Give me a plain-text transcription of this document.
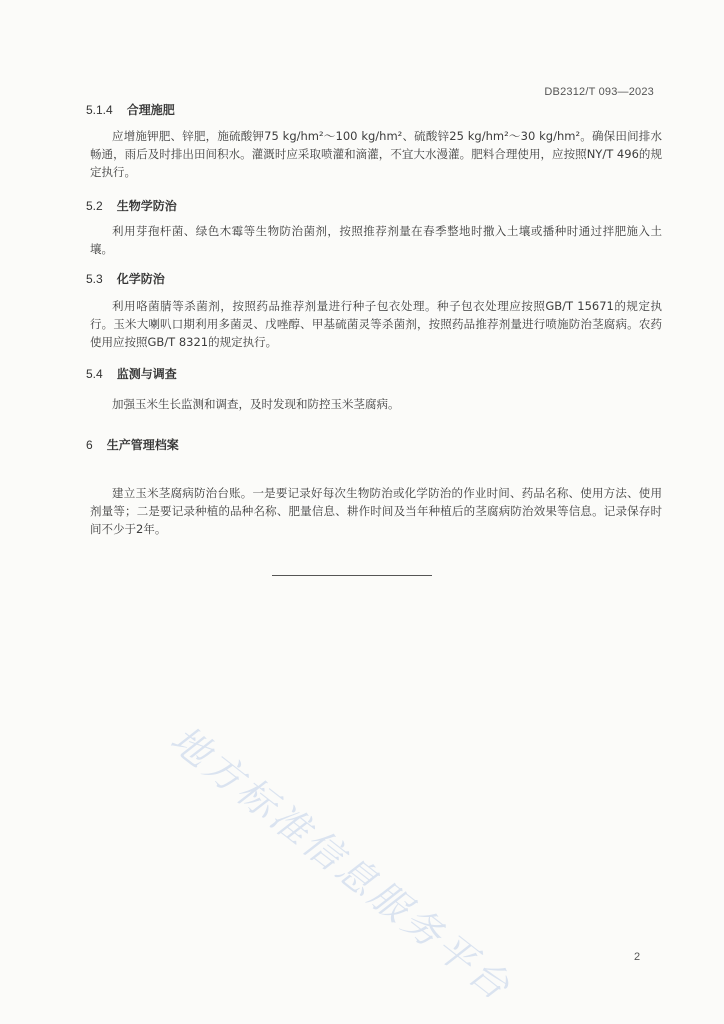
DB2312/T 093—2023
5.1.4 合理施肥
应增施钾肥、锌肥，施硫酸钾75 kg/hm²～100 kg/hm²、硫酸锌25 kg/hm²～30 kg/hm²。确保田间排水畅通，雨后及时排出田间积水。灌溉时应采取喷灌和滴灌，不宜大水漫灌。肥料合理使用，应按照NY/T 496的规定执行。
5.2 生物学防治
利用芽孢杆菌、绿色木霉等生物防治菌剂，按照推荐剂量在春季整地时撒入土壤或播种时通过拌肥施入土壤。
5.3 化学防治
利用咯菌腈等杀菌剂，按照药品推荐剂量进行种子包衣处理。种子包衣处理应按照GB/T 15671的规定执行。玉米大喇叭口期利用多菌灵、戊唑醇、甲基硫菌灵等杀菌剂，按照药品推荐剂量进行喷施防治茎腐病。农药使用应按照GB/T 8321的规定执行。
5.4 监测与调查
加强玉米生长监测和调查，及时发现和防控玉米茎腐病。
6 生产管理档案
建立玉米茎腐病防治台账。一是要记录好每次生物防治或化学防治的作业时间、药品名称、使用方法、使用剂量等；二是要记录种植的品种名称、肥量信息、耕作时间及当年种植后的茎腐病防治效果等信息。记录保存时间不少于2年。
地方标准信息服务平台	2
